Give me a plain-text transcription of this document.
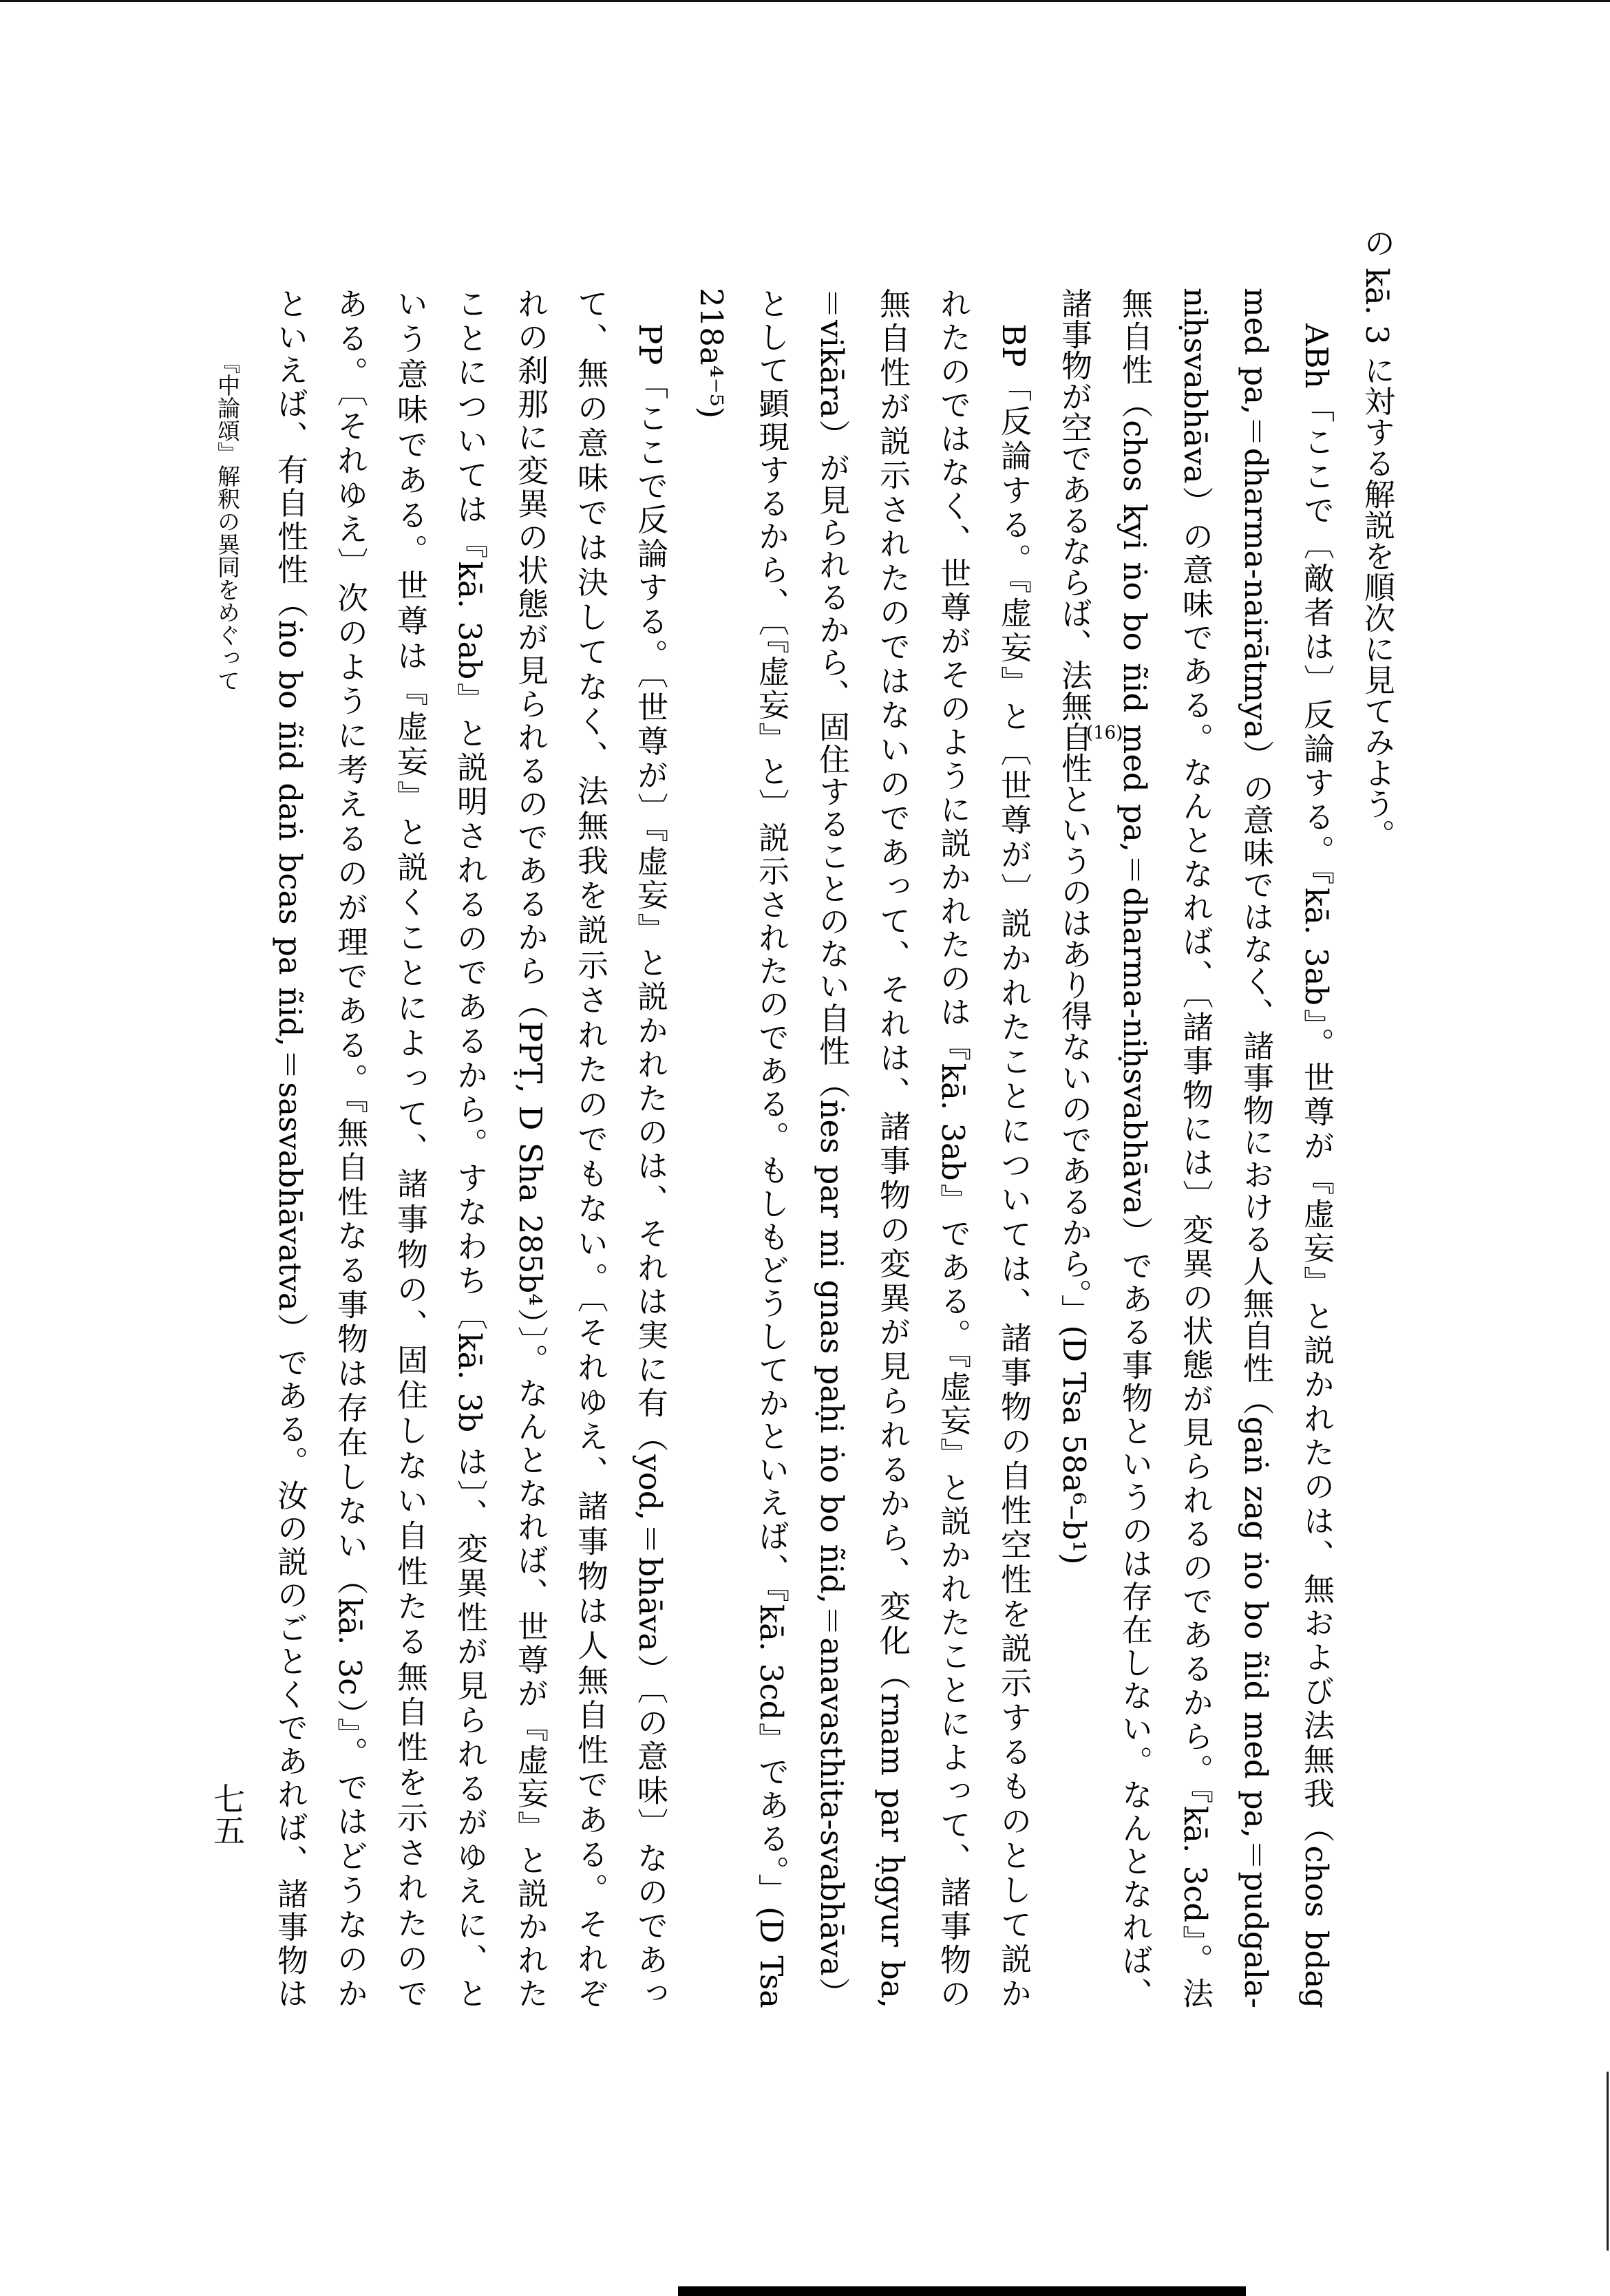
の kā. 3 に対する解説を順次に見てみよう。
ABh「ここで〔敵者は〕反論する。『kā. 3ab』。世尊が『虚妄』と説かれたのは、無および法無我（chos bdag
med pa,＝dharma-nairātmya）の意味ではなく、諸事物における人無自性（gaṅ zag ṅo bo ñid med pa,＝pudgala-
niḥsvabhāva）の意味である。なんとなれば、〔諸事物には〕変異の状態が見られるのであるから。『kā. 3cd』。法
無自性（chos kyi ṅo bo ñid med pa,＝dharma-niḥsvabhāva）である事物というのは存在しない。なんとなれば、
諸事物が空であるならば、法無自性というのはあり得ないのであるから。」(D Tsa 58a⁶–b¹)
(16)
BP「反論する。『虚妄』と〔世尊が〕説かれたことについては、諸事物の自性空性を説示するものとして説か
れたのではなく、世尊がそのように説かれたのは『kā. 3ab』である。『虚妄』と説かれたことによって、諸事物の
無自性が説示されたのではないのであって、それは、諸事物の変異が見られるから、変化（rnam par ḥgyur ba,
＝vikāra）が見られるから、固住することのない自性（ṅes par mi gnas paḥi ṅo bo ñid,＝anavasthita-svabhāva）
として顕現するから、〔『虚妄』と〕説示されたのである。もしもどうしてかといえば、『kā. 3cd』である。」(D Tsa
218a⁴⁻⁵)
PP「ここで反論する。〔世尊が〕『虚妄』と説かれたのは、それは実に有（yod,＝bhāva）〔の意味〕なのであっ
て、無の意味では決してなく、法無我を説示されたのでもない。〔それゆえ、諸事物は人無自性である。それぞ
れの刹那に変異の状態が見られるのであるから（PPṬ, D Sha 285b⁴）〕。なんとなれば、世尊が『虚妄』と説かれた
ことについては『kā. 3ab』と説明されるのであるから。すなわち〔kā. 3b は〕、変異性が見られるがゆえに、と
いう意味である。世尊は『虚妄』と説くことによって、諸事物の、固住しない自性たる無自性を示されたので
ある。〔それゆえ〕次のように考えるのが理である。『無自性なる事物は存在しない（kā. 3c）』。ではどうなのか
といえば、有自性性（ṅo bo ñid daṅ bcas pa ñid,＝sasvabhāvatva）である。汝の説のごとくであれば、諸事物は
『中論頌』解釈の異同をめぐって
七五
